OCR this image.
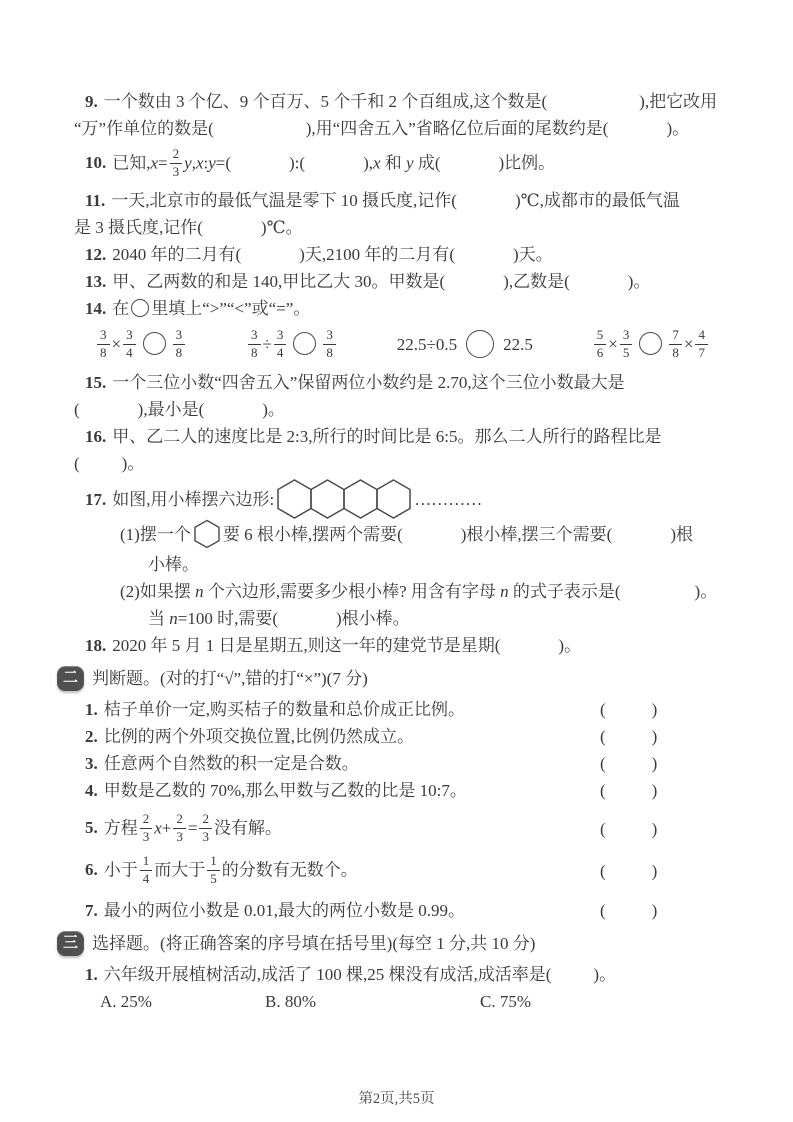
9. 一个数由 3 个亿、9 个百万、5 个千和 2 个百组成,这个数是(	),把它改用
“万”作单位的数是(	),用“四舍五入”省略亿位后面的尾数约是(	)。
10. 已知$,x= \frac{2}{3}$ y,x:y=(	):(	),x 和 y 成(	)比例。
11. 一天,北京市的最低气温是零下 10 摄氏度,记作(	)℃,成都市的最低气温
是 3 摄氏度,记作(	)℃。
12. 2040 年的二月有(	)天,2100 年的二月有(	)天。
13. 甲、乙两数的和是 140,甲比乙大 30。甲数是(	),乙数是(	)。
14. 在 里填上“>”“<”或“=”。
$\frac{3}{8} \times \frac{3}{4}$	$\frac{3}{8}$	$\frac{3}{8} \div \frac{3}{4}$	$\frac{3}{8}$	22.5÷0.5	22.5	$\frac{5}{6} \times \frac{3}{5}$	$\frac{7}{8} \times \frac{4}{7}$
15. 一个三位小数“四舍五入”保留两位小数约是 2.70,这个三位小数最大是
(	),最小是(	)。
16. 甲、乙二人的速度比是 2:3,所行的时间比是 6:5。那么二人所行的路程比是
( )。
17. 如图,用小棒摆六边形:	…………
(1)摆一个 要 6 根小棒,摆两个需要(	)根小棒,摆三个需要(	)根
小棒。
(2)如果摆 n 个六边形,需要多少根小棒? 用含有字母 n 的式子表示是(	)。
当 n=100 时,需要(	)根小棒。
18. 2020 年 5 月 1 日是星期五,则这一年的建党节是星期(	)。
二 判断题。(对的打“√”,错的打“×”)(7 分)
1. 桔子单价一定,购买桔子的数量和总价成正比例。	(	)
2. 比例的两个外项交换位置,比例仍然成立。	(	)
3. 任意两个自然数的积一定是合数。	(	)
4. 甲数是乙数的 70%,那么甲数与乙数的比是 10:7。	(	)
5. 方程 $\frac{2}{3} x+ \frac{2}{3} = \frac{2}{3}$ 没有解。	(	)
6. 小于 $\frac{1}{4}$ 而大于 $\frac{1}{5}$ 的分数有无数个。	(	)
7. 最小的两位小数是 0.01,最大的两位小数是 0.99。	(	)
三 选择题。(将正确答案的序号填在括号里)(每空 1 分,共 10 分)
1. 六年级开展植树活动,成活了 100 棵,25 棵没有成活,成活率是( )。
A. 25%	B. 80%	C. 75%
第2页,共5页
